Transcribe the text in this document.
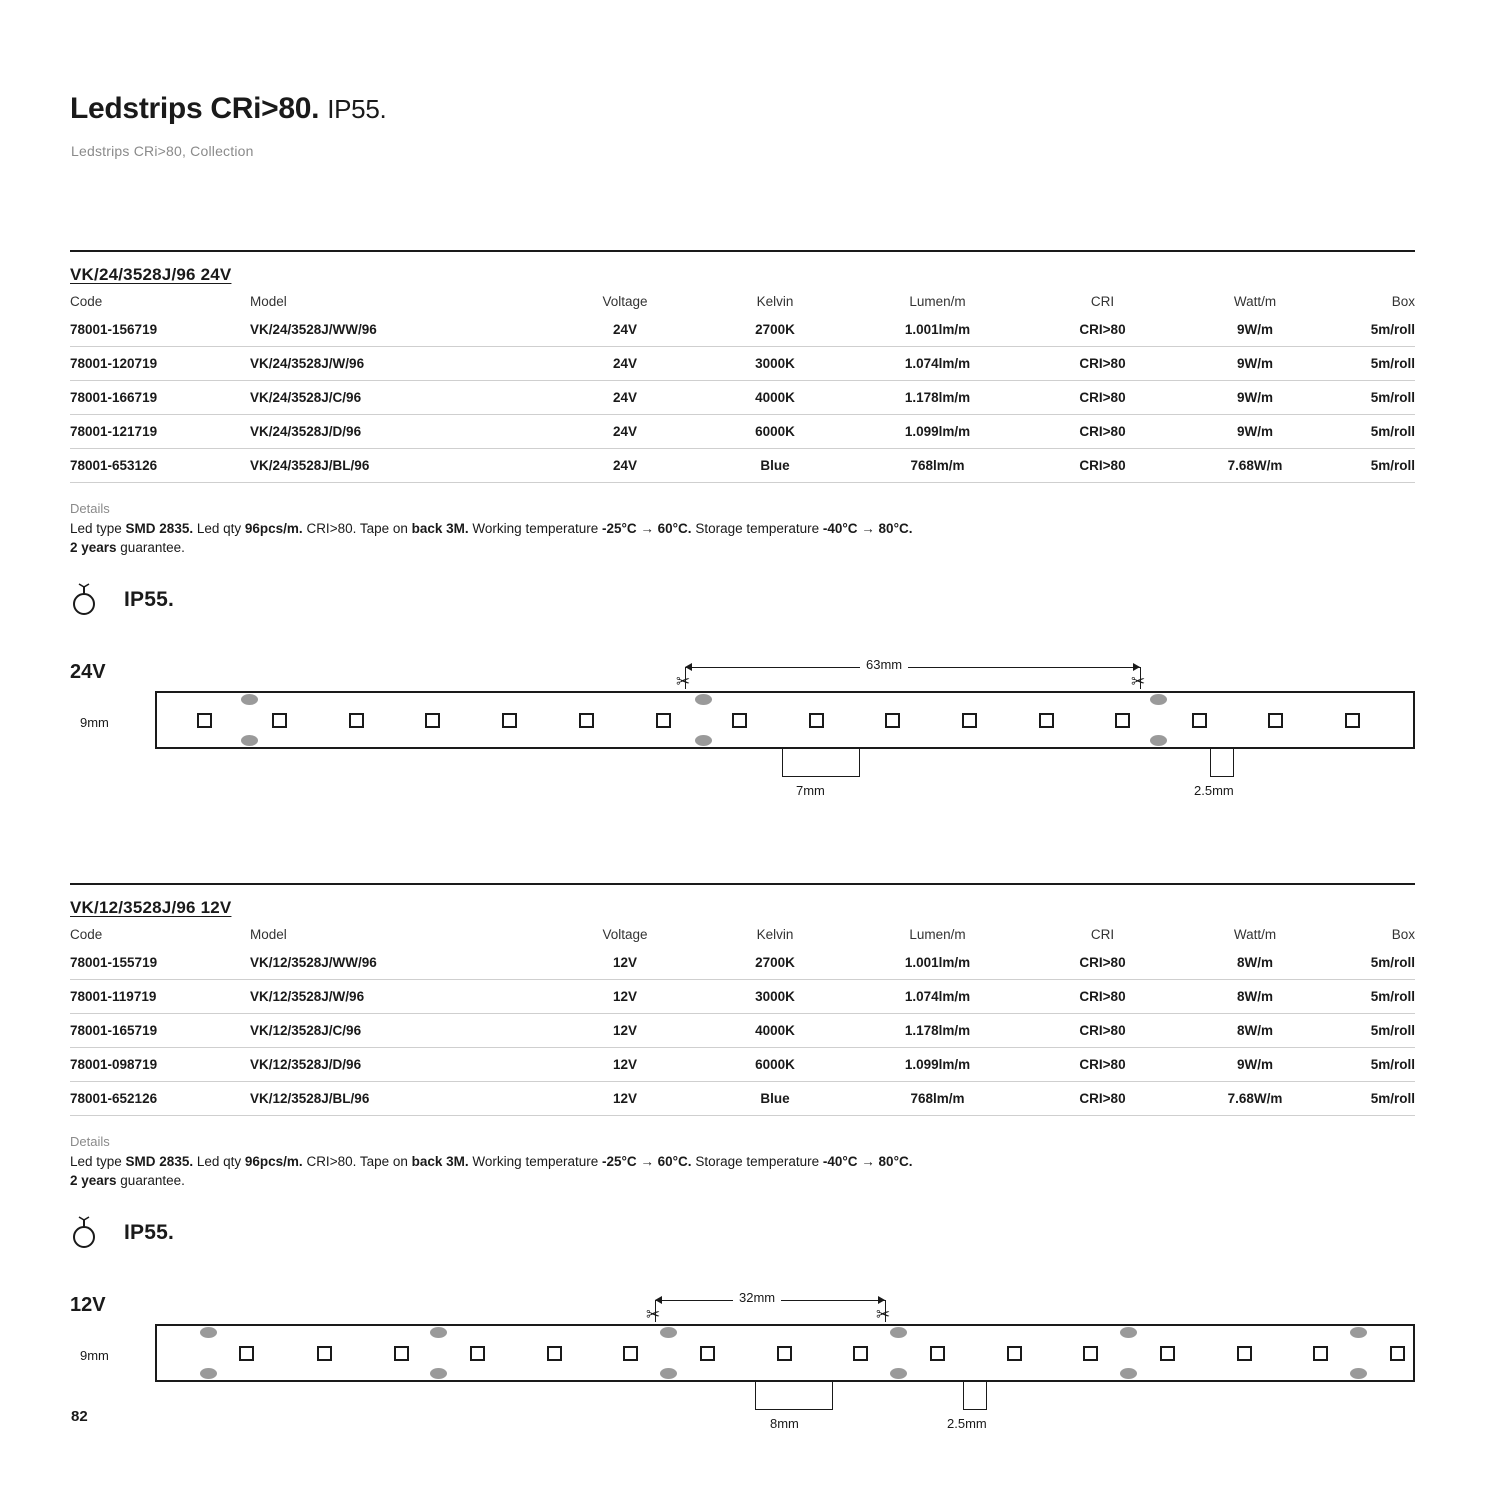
Ledstrips CRi>80. IP55.
Ledstrips CRi>80, Collection
VK/24/3528J/96 24V
Code	Model	Voltage	Kelvin	Lumen/m	CRI	Watt/m	Box
78001-156719	VK/24/3528J/WW/96	24V	2700K	1.001lm/m	CRI>80	9W/m	5m/roll
78001-120719	VK/24/3528J/W/96	24V	3000K	1.074lm/m	CRI>80	9W/m	5m/roll
78001-166719	VK/24/3528J/C/96	24V	4000K	1.178lm/m	CRI>80	9W/m	5m/roll
78001-121719	VK/24/3528J/D/96	24V	6000K	1.099lm/m	CRI>80	9W/m	5m/roll
78001-653126	VK/24/3528J/BL/96	24V	Blue	768lm/m	CRI>80	7.68W/m	5m/roll
Details
Led type SMD 2835. Led qty 96pcs/m. CRI>80. Tape on back 3M. Working temperature -25°C → 60°C. Storage temperature -40°C → 80°C.
2 years guarantee.
IP55.
24V
9mm
63mm
✂	✂
7mm	2.5mm
VK/12/3528J/96 12V
Code	Model	Voltage	Kelvin	Lumen/m	CRI	Watt/m	Box
78001-155719	VK/12/3528J/WW/96	12V	2700K	1.001lm/m	CRI>80	8W/m	5m/roll
78001-119719	VK/12/3528J/W/96	12V	3000K	1.074lm/m	CRI>80	8W/m	5m/roll
78001-165719	VK/12/3528J/C/96	12V	4000K	1.178lm/m	CRI>80	8W/m	5m/roll
78001-098719	VK/12/3528J/D/96	12V	6000K	1.099lm/m	CRI>80	9W/m	5m/roll
78001-652126	VK/12/3528J/BL/96	12V	Blue	768lm/m	CRI>80	7.68W/m	5m/roll
Details
Led type SMD 2835. Led qty 96pcs/m. CRI>80. Tape on back 3M. Working temperature -25°C → 60°C. Storage temperature -40°C → 80°C.
2 years guarantee.
IP55.
12V
9mm
32mm
✂	✂
8mm	2.5mm
82
